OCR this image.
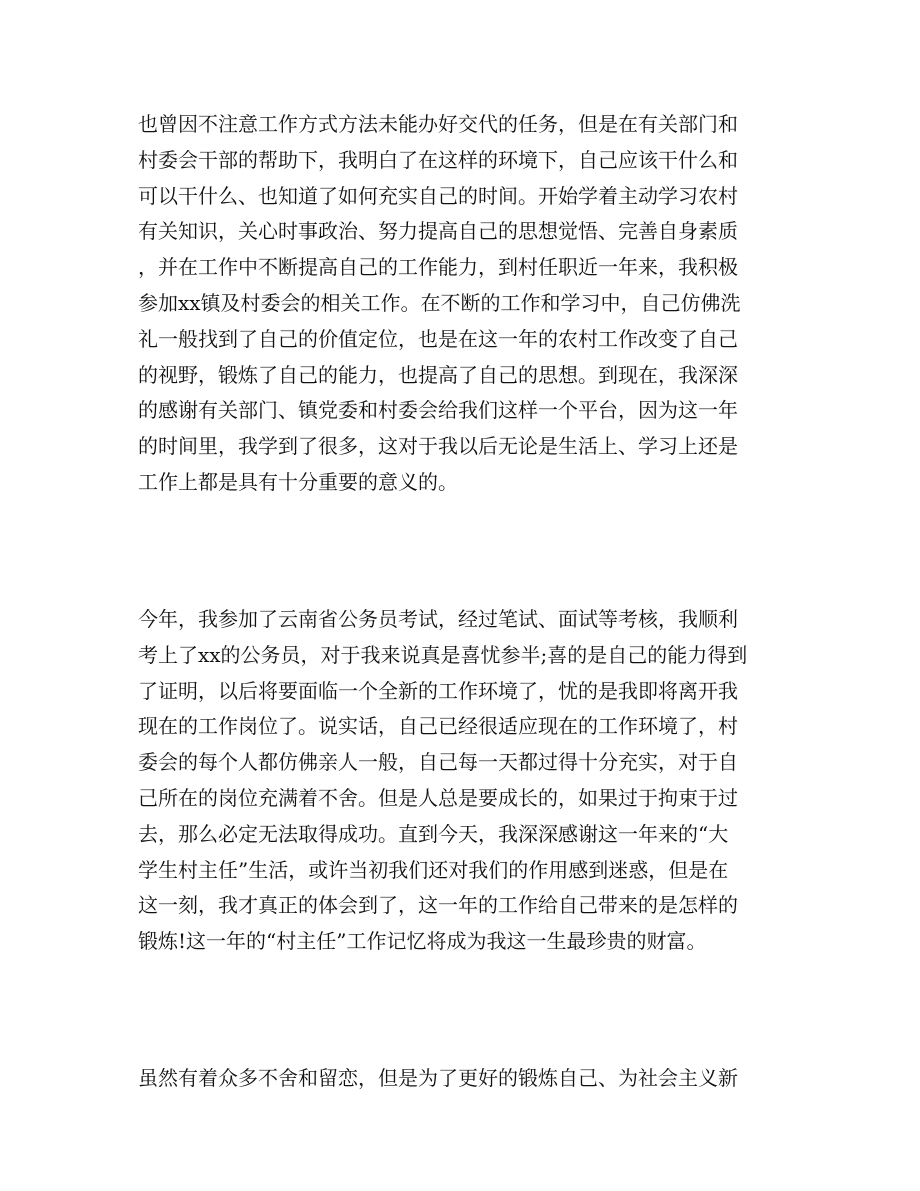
也曾因不注意工作方式方法未能办好交代的任务，但是在有关部门和
村委会干部的帮助下，我明白了在这样的环境下，自己应该干什么和
可以干什么、也知道了如何充实自己的时间。开始学着主动学习农村
有关知识，关心时事政治、努力提高自己的思想觉悟、完善自身素质
，并在工作中不断提高自己的工作能力，到村任职近一年来，我积极
参加xx镇及村委会的相关工作。在不断的工作和学习中，自己仿佛洗
礼一般找到了自己的价值定位，也是在这一年的农村工作改变了自己
的视野，锻炼了自己的能力，也提高了自己的思想。到现在，我深深
的感谢有关部门、镇党委和村委会给我们这样一个平台，因为这一年
的时间里，我学到了很多，这对于我以后无论是生活上、学习上还是
工作上都是具有十分重要的意义的。
今年，我参加了云南省公务员考试，经过笔试、面试等考核，我顺利
考上了xx的公务员，对于我来说真是喜忧参半;喜的是自己的能力得到
了证明，以后将要面临一个全新的工作环境了，忧的是我即将离开我
现在的工作岗位了。说实话，自己已经很适应现在的工作环境了，村
委会的每个人都仿佛亲人一般，自己每一天都过得十分充实，对于自
己所在的岗位充满着不舍。但是人总是要成长的，如果过于拘束于过
去，那么必定无法取得成功。直到今天，我深深感谢这一年来的“大
学生村主任”生活，或许当初我们还对我们的作用感到迷惑，但是在
这一刻，我才真正的体会到了，这一年的工作给自己带来的是怎样的
锻炼!这一年的“村主任”工作记忆将成为我这一生最珍贵的财富。
虽然有着众多不舍和留恋，但是为了更好的锻炼自己、为社会主义新
